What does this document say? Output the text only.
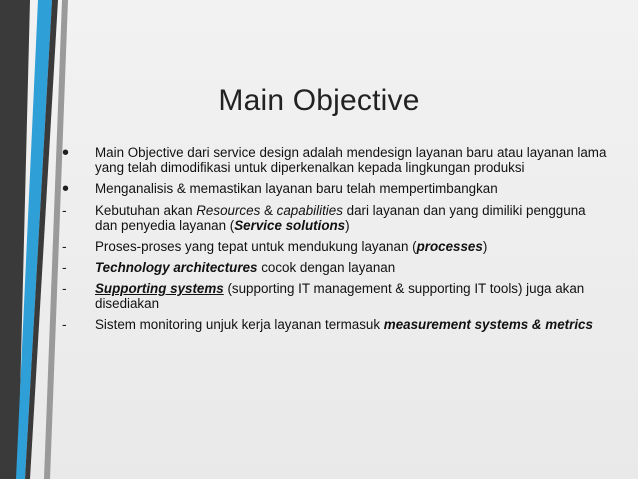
Main Objective
•	Main Objective dari service design adalah mendesign layanan baru atau layanan lama yang telah dimodifikasi untuk diperkenalkan kepada lingkungan produksi
•	Menganalisis & memastikan layanan baru telah mempertimbangkan
-	Kebutuhan akan Resources & capabilities dari layanan dan yang dimiliki pengguna dan penyedia layanan (Service solutions)
-	Proses-proses yang tepat untuk mendukung layanan (processes)
-	Technology architectures cocok dengan layanan
-	Supporting systems (supporting IT management & supporting IT tools) juga akan disediakan
-	Sistem monitoring unjuk kerja layanan termasuk measurement systems & metrics
